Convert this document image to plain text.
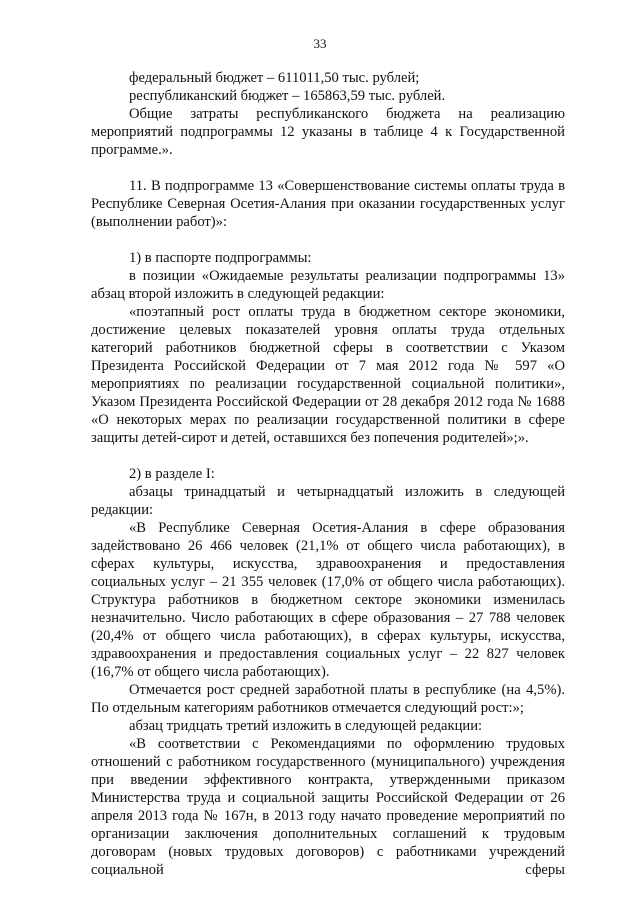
33

федеральный бюджет – 611011,50 тыс. рублей;

республиканский бюджет – 165863,59 тыс. рублей.

Общие затраты республиканского бюджета на реализацию мероприятий подпрограммы 12 указаны в таблице 4 к Государственной программе.».

11. В подпрограмме 13 «Совершенствование системы оплаты труда в Республике Северная Осетия-Алания при оказании государственных услуг (выполнении работ)»:

1) в паспорте подпрограммы:

в позиции «Ожидаемые результаты реализации подпрограммы 13» абзац второй изложить в следующей редакции:

«поэтапный рост оплаты труда в бюджетном секторе экономики, достижение целевых показателей уровня оплаты труда отдельных категорий работников бюджетной сферы в соответствии с Указом Президента Российской Федерации от 7 мая 2012 года № 597 «О мероприятиях по реализации государственной социальной политики», Указом Президента Российской Федерации от 28 декабря 2012 года № 1688 «О некоторых мерах по реализации государственной политики в сфере защиты детей-сирот и детей, оставшихся без попечения родителей»;».

2) в разделе I:

абзацы тринадцатый и четырнадцатый изложить в следующей редакции:

«В Республике Северная Осетия-Алания в сфере образования задействовано 26 466 человек (21,1% от общего числа работающих), в сферах культуры, искусства, здравоохранения и предоставления социальных услуг – 21 355 человек (17,0% от общего числа работающих). Структура работников в бюджетном секторе экономики изменилась незначительно. Число работающих в сфере образования – 27 788 человек (20,4% от общего числа работающих), в сферах культуры, искусства, здравоохранения и предоставления социальных услуг – 22 827 человек (16,7% от общего числа работающих).

Отмечается рост средней заработной платы в республике (на 4,5%). По отдельным категориям работников отмечается следующий рост:»;

абзац тридцать третий изложить в следующей редакции:

«В соответствии с Рекомендациями по оформлению трудовых отношений с работником государственного (муниципального) учреждения при введении эффективного контракта, утвержденными приказом Министерства труда и социальной защиты Российской Федерации от 26 апреля 2013 года № 167н, в 2013 году начато проведение мероприятий по организации заключения дополнительных соглашений к трудовым договорам (новых трудовых договоров) с работниками учреждений социальной сферы
